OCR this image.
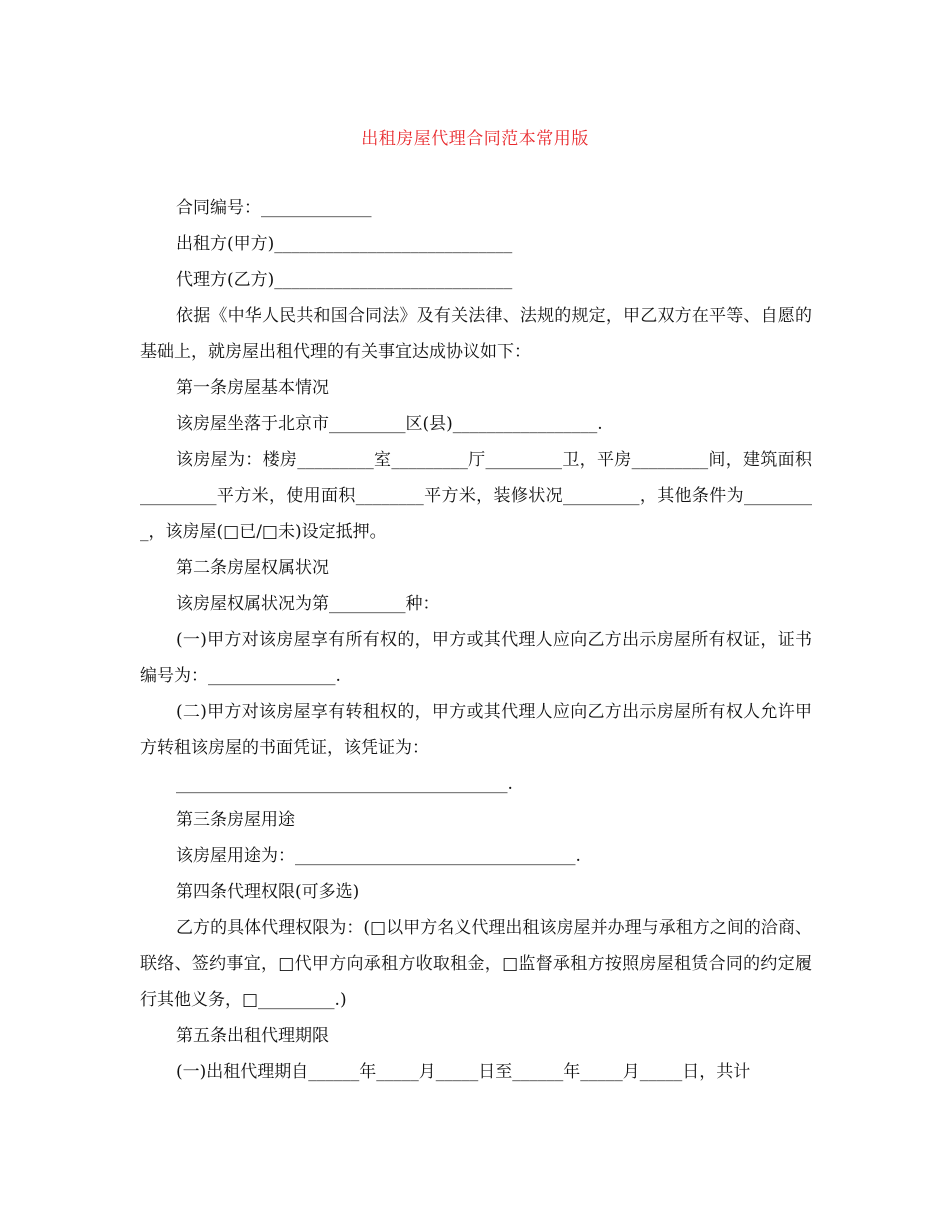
出租房屋代理合同范本常用版

合同编号：_____________

出租方(甲方)____________________________

代理方(乙方)____________________________

依据《中华人民共和国合同法》及有关法律、法规的规定，甲乙双方在平等、自愿的基础上，就房屋出租代理的有关事宜达成协议如下：

第一条房屋基本情况

该房屋坐落于北京市_________区(县)_________________.

该房屋为：楼房_________室_________厅_________卫，平房_________间，建筑面积_________平方米，使用面积________平方米，装修状况_________，其他条件为_________，该房屋(□已/□未)设定抵押。

第二条房屋权属状况

该房屋权属状况为第_________种：

(一)甲方对该房屋享有所有权的，甲方或其代理人应向乙方出示房屋所有权证，证书编号为：_______________.

(二)甲方对该房屋享有转租权的，甲方或其代理人应向乙方出示房屋所有权人允许甲方转租该房屋的书面凭证，该凭证为：

_______________________________________.

第三条房屋用途

该房屋用途为：_________________________________.

第四条代理权限(可多选)

乙方的具体代理权限为：(□以甲方名义代理出租该房屋并办理与承租方之间的洽商、联络、签约事宜，□代甲方向承租方收取租金，□监督承租方按照房屋租赁合同的约定履行其他义务，□_________.)

第五条出租代理期限

(一)出租代理期自______年_____月_____日至______年_____月_____日，共计
